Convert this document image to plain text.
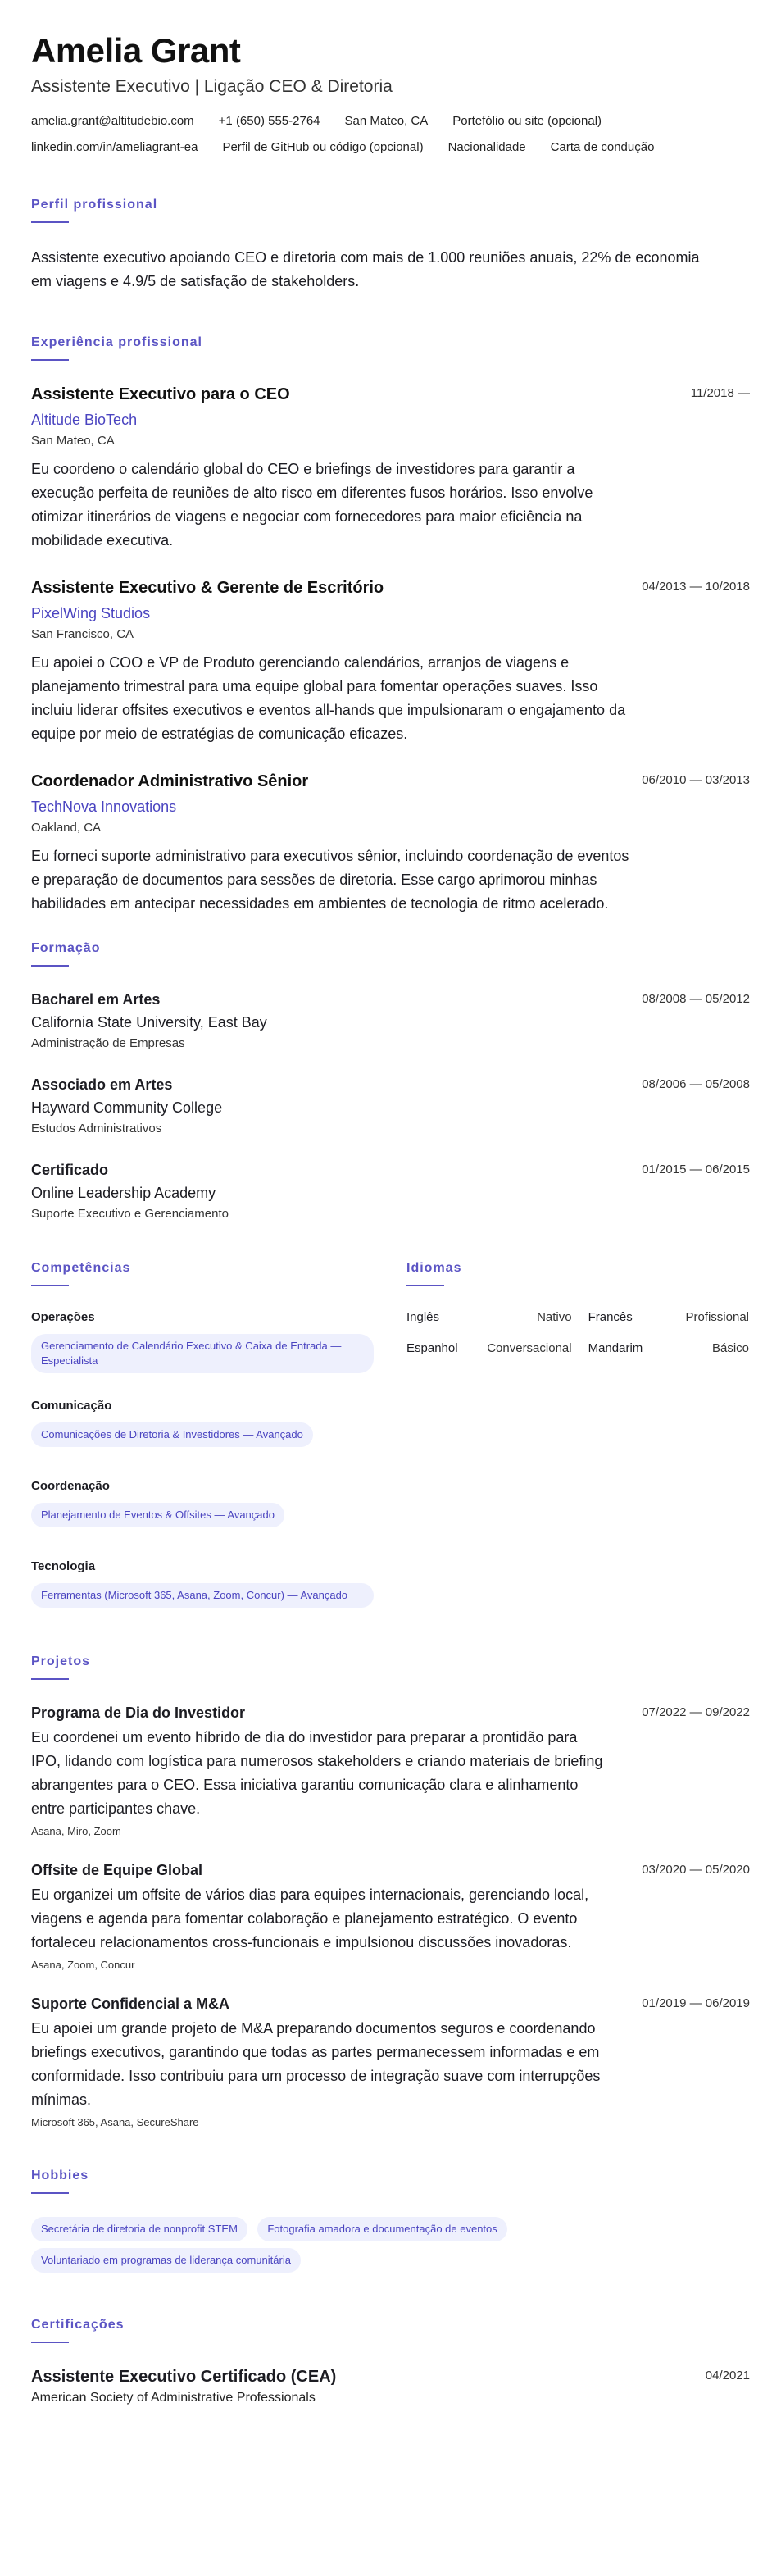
Amelia Grant
Assistente Executivo | Ligação CEO & Diretoria
amelia.grant@altitudebio.com +1 (650) 555-2764 San Mateo, CA Portefólio ou site (opcional)
linkedin.com/in/ameliagrant-ea Perfil de GitHub ou código (opcional) Nacionalidade Carta de condução
Perfil profissional

Assistente executivo apoiando CEO e diretoria com mais de 1.000 reuniões anuais, 22% de economia em viagens e 4.9/5 de satisfação de stakeholders.

Experiência profissional
Assistente Executivo para o CEO	11/2018 —
Altitude BioTech
San Mateo, CA

Eu coordeno o calendário global do CEO e briefings de investidores para garantir a execução perfeita de reuniões de alto risco em diferentes fusos horários. Isso envolve otimizar itinerários de viagens e negociar com fornecedores para maior eficiência na mobilidade executiva.

Assistente Executivo & Gerente de Escritório	04/2013 — 10/2018
PixelWing Studios
San Francisco, CA

Eu apoiei o COO e VP de Produto gerenciando calendários, arranjos de viagens e planejamento trimestral para uma equipe global para fomentar operações suaves. Isso incluiu liderar offsites executivos e eventos all-hands que impulsionaram o engajamento da equipe por meio de estratégias de comunicação eficazes.

Coordenador Administrativo Sênior	06/2010 — 03/2013
TechNova Innovations
Oakland, CA

Eu forneci suporte administrativo para executivos sênior, incluindo coordenação de eventos e preparação de documentos para sessões de diretoria. Esse cargo aprimorou minhas habilidades em antecipar necessidades em ambientes de tecnologia de ritmo acelerado.

Formação
Bacharel em Artes	08/2008 — 05/2012
California State University, East Bay
Administração de Empresas
Associado em Artes	08/2006 — 05/2008
Hayward Community College
Estudos Administrativos
Certificado	01/2015 — 06/2015
Online Leadership Academy
Suporte Executivo e Gerenciamento
Competências
Operações
Gerenciamento de Calendário Executivo & Caixa de Entrada — Especialista
Comunicação
Comunicações de Diretoria & Investidores — Avançado
Coordenação
Planejamento de Eventos & Offsites — Avançado
Tecnologia
Ferramentas (Microsoft 365, Asana, Zoom, Concur) — Avançado
Idiomas
Inglês	Nativo	Francês	Profissional
Espanhol	Conversacional	Mandarim	Básico
Projetos
Programa de Dia do Investidor	07/2022 — 09/2022

Eu coordenei um evento híbrido de dia do investidor para preparar a prontidão para IPO, lidando com logística para numerosos stakeholders e criando materiais de briefing abrangentes para o CEO. Essa iniciativa garantiu comunicação clara e alinhamento entre participantes chave.

Asana, Miro, Zoom
Offsite de Equipe Global	03/2020 — 05/2020

Eu organizei um offsite de vários dias para equipes internacionais, gerenciando local, viagens e agenda para fomentar colaboração e planejamento estratégico. O evento fortaleceu relacionamentos cross-funcionais e impulsionou discussões inovadoras.

Asana, Zoom, Concur
Suporte Confidencial a M&A	01/2019 — 06/2019

Eu apoiei um grande projeto de M&A preparando documentos seguros e coordenando briefings executivos, garantindo que todas as partes permanecessem informadas e em conformidade. Isso contribuiu para um processo de integração suave com interrupções mínimas.

Microsoft 365, Asana, SecureShare
Hobbies
Secretária de diretoria de nonprofit STEM	Fotografia amadora e documentação de eventos Voluntariado em programas de liderança comunitária
Certificações
Assistente Executivo Certificado (CEA)	04/2021
American Society of Administrative Professionals
